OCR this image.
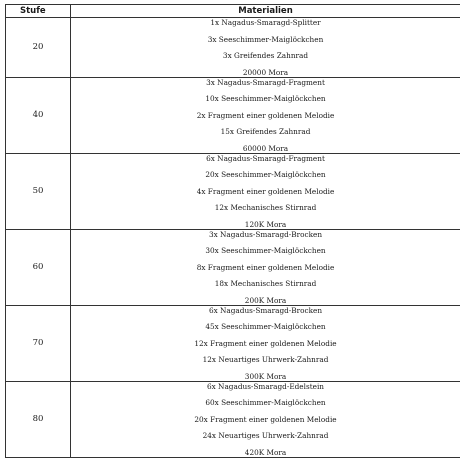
Stufe	Materialien
20	1x Nagadus-Smaragd-Splitter
3x Seeschimmer-Maiglöckchen
3x Greifendes Zahnrad
20000 Mora

40	3x Nagadus-Smaragd-Fragment
10x Seeschimmer-Maiglöckchen
2x Fragment einer goldenen Melodie
15x Greifendes Zahnrad
60000 Mora

50	6x Nagadus-Smaragd-Fragment
20x Seeschimmer-Maiglöckchen
4x Fragment einer goldenen Melodie
12x Mechanisches Stirnrad
120K Mora

60	3x Nagadus-Smaragd-Brocken
30x Seeschimmer-Maiglöckchen
8x Fragment einer goldenen Melodie
18x Mechanisches Stirnrad
200K Mora

70	6x Nagadus-Smaragd-Brocken
45x Seeschimmer-Maiglöckchen
12x Fragment einer goldenen Melodie
12x Neuartiges Uhrwerk-Zahnrad
300K Mora

80	6x Nagadus-Smaragd-Edelstein
60x Seeschimmer-Maiglöckchen
20x Fragment einer goldenen Melodie
24x Neuartiges Uhrwerk-Zahnrad
420K Mora
